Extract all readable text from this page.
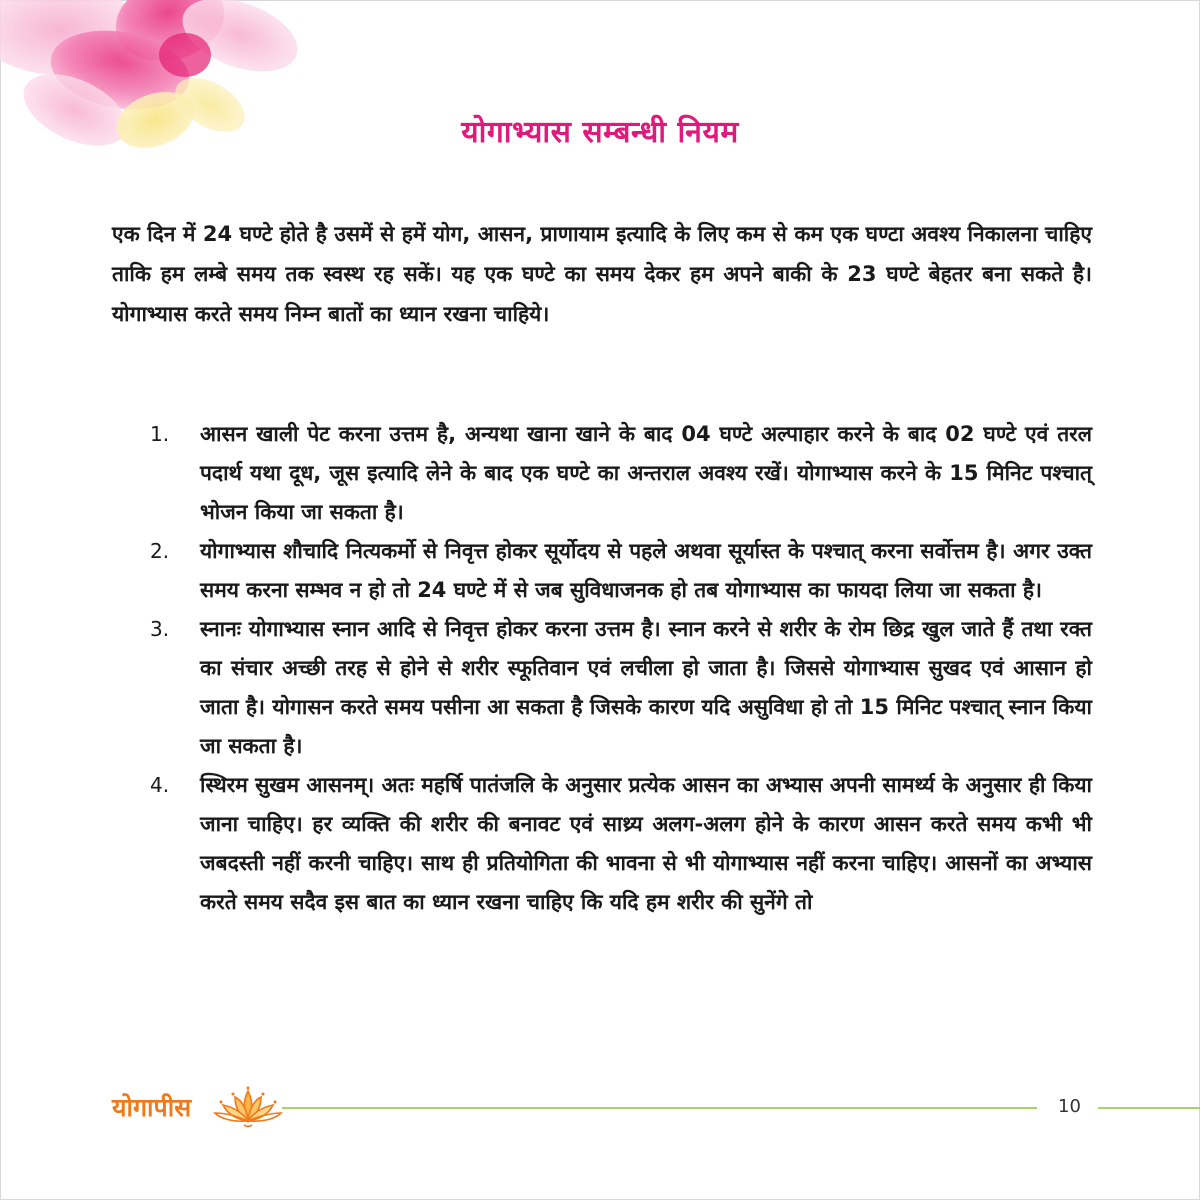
योगाभ्यास सम्बन्धी नियम

एक दिन में 24 घण्टे होते है उसमें से हमें योग, आसन, प्राणायाम इत्यादि के लिए कम से कम एक घण्टा अवश्य निकालना चाहिए ताकि हम लम्बे समय तक स्वस्थ रह सकें। यह एक घण्टे का समय देकर हम अपने बाकी के 23 घण्टे बेहतर बना सकते है। योगाभ्यास करते समय निम्न बातों का ध्यान रखना चाहिये।

1. आसन खाली पेट करना उत्तम है, अन्यथा खाना खाने के बाद 04 घण्टे अल्पाहार करने के बाद 02 घण्टे एवं तरल पदार्थ यथा दूध, जूस इत्यादि लेने के बाद एक घण्टे का अन्तराल अवश्य रखें। योगाभ्यास करने के 15 मिनिट पश्चात् भोजन किया जा सकता है।
2. योगाभ्यास शौचादि नित्यकर्मो से निवृत्त होकर सूर्योदय से पहले अथवा सूर्यास्त के पश्चात् करना सर्वोत्तम है। अगर उक्त समय करना सम्भव न हो तो 24 घण्टे में से जब सुविधाजनक हो तब योगाभ्यास का फायदा लिया जा सकता है।
3. स्नानः योगाभ्यास स्नान आदि से निवृत्त होकर करना उत्तम है। स्नान करने से शरीर के रोम छिद्र खुल जाते हैं तथा रक्त का संचार अच्छी तरह से होने से शरीर स्फूतिवान एवं लचीला हो जाता है। जिससे योगाभ्यास सुखद एवं आसान हो जाता है। योगासन करते समय पसीना आ सकता है जिसके कारण यदि असुविधा हो तो 15 मिनिट पश्चात् स्नान किया जा सकता है।
4. स्थिरम सुखम आसनम्। अतः महर्षि पातंजलि के अनुसार प्रत्येक आसन का अभ्यास अपनी सामर्थ्य के अनुसार ही किया जाना चाहिए। हर व्यक्ति की शरीर की बनावट एवं साथ्र्य अलग-अलग होने के कारण आसन करते समय कभी भी जबदस्ती नहीं करनी चाहिए। साथ ही प्रतियोगिता की भावना से भी योगाभ्यास नहीं करना चाहिए। आसनों का अभ्यास करते समय सदैव इस बात का ध्यान रखना चाहिए कि यदि हम शरीर की सुनेंगे तो
योगापीस	10
